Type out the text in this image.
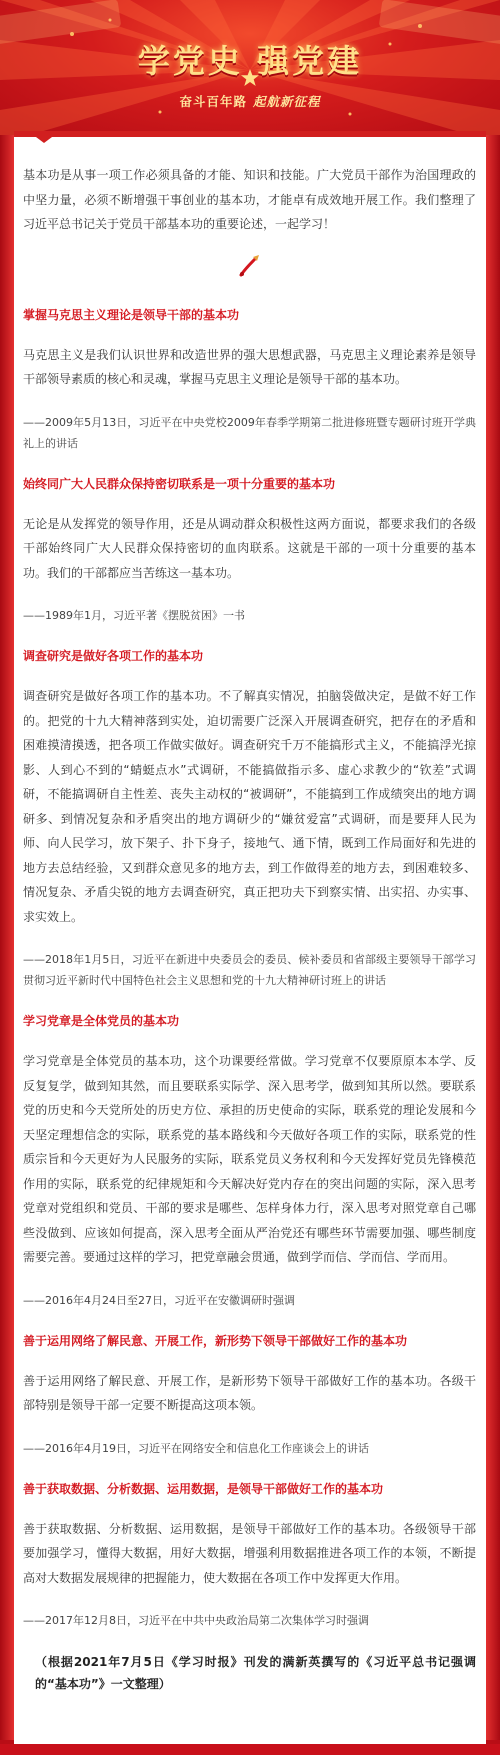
学党史 强党建
奋斗百年路 起航新征程

基本功是从事一项工作必须具备的才能、知识和技能。广大党员干部作为治国理政的中坚力量，必须不断增强干事创业的基本功，才能卓有成效地开展工作。我们整理了习近平总书记关于党员干部基本功的重要论述，一起学习！

掌握马克思主义理论是领导干部的基本功

马克思主义是我们认识世界和改造世界的强大思想武器，马克思主义理论素养是领导干部领导素质的核心和灵魂，掌握马克思主义理论是领导干部的基本功。

——2009年5月13日，习近平在中央党校2009年春季学期第二批进修班暨专题研讨班开学典礼上的讲话

始终同广大人民群众保持密切联系是一项十分重要的基本功

无论是从发挥党的领导作用，还是从调动群众积极性这两方面说，都要求我们的各级干部始终同广大人民群众保持密切的血肉联系。这就是干部的一项十分重要的基本功。我们的干部都应当苦练这一基本功。

——1989年1月，习近平著《摆脱贫困》一书

调查研究是做好各项工作的基本功

调查研究是做好各项工作的基本功。不了解真实情况，拍脑袋做决定，是做不好工作的。把党的十九大精神落到实处，迫切需要广泛深入开展调查研究，把存在的矛盾和困难摸清摸透，把各项工作做实做好。调查研究千万不能搞形式主义，不能搞浮光掠影、人到心不到的“蜻蜓点水”式调研，不能搞做指示多、虚心求教少的“钦差”式调研，不能搞调研自主性差、丧失主动权的“被调研”，不能搞到工作成绩突出的地方调研多、到情况复杂和矛盾突出的地方调研少的“嫌贫爱富”式调研，而是要拜人民为师、向人民学习，放下架子、扑下身子，接地气、通下情，既到工作局面好和先进的地方去总结经验，又到群众意见多的地方去，到工作做得差的地方去，到困难较多、情况复杂、矛盾尖锐的地方去调查研究，真正把功夫下到察实情、出实招、办实事、求实效上。

——2018年1月5日，习近平在新进中央委员会的委员、候补委员和省部级主要领导干部学习贯彻习近平新时代中国特色社会主义思想和党的十九大精神研讨班上的讲话

学习党章是全体党员的基本功

学习党章是全体党员的基本功，这个功课要经常做。学习党章不仅要原原本本学、反反复复学，做到知其然，而且要联系实际学、深入思考学，做到知其所以然。要联系党的历史和今天党所处的历史方位、承担的历史使命的实际，联系党的理论发展和今天坚定理想信念的实际，联系党的基本路线和今天做好各项工作的实际，联系党的性质宗旨和今天更好为人民服务的实际，联系党员义务权利和今天发挥好党员先锋模范作用的实际，联系党的纪律规矩和今天解决好党内存在的突出问题的实际，深入思考党章对党组织和党员、干部的要求是哪些、怎样身体力行，深入思考对照党章自己哪些没做到、应该如何提高，深入思考全面从严治党还有哪些环节需要加强、哪些制度需要完善。要通过这样的学习，把党章融会贯通，做到学而信、学而信、学而用。

——2016年4月24日至27日，习近平在安徽调研时强调

善于运用网络了解民意、开展工作，新形势下领导干部做好工作的基本功

善于运用网络了解民意、开展工作，是新形势下领导干部做好工作的基本功。各级干部特别是领导干部一定要不断提高这项本领。

——2016年4月19日，习近平在网络安全和信息化工作座谈会上的讲话

善于获取数据、分析数据、运用数据，是领导干部做好工作的基本功

善于获取数据、分析数据、运用数据，是领导干部做好工作的基本功。各级领导干部要加强学习，懂得大数据，用好大数据，增强利用数据推进各项工作的本领，不断提高对大数据发展规律的把握能力，使大数据在各项工作中发挥更大作用。

——2017年12月8日，习近平在中共中央政治局第二次集体学习时强调

（根据2021年7月5日《学习时报》刊发的满新英撰写的《习近平总书记强调的“基本功”》一文整理）
